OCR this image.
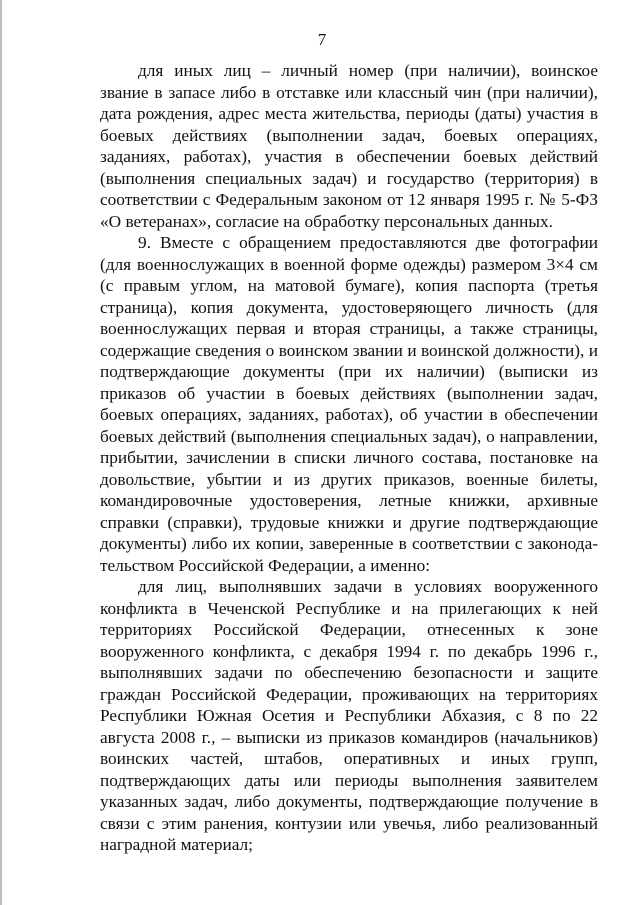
7

для иных лиц – личный номер (при наличии), воинское звание в запасе либо в отставке или классный чин (при наличии), дата рождения, адрес места жительства, периоды (даты) участия в боевых действиях (выполнении задач, боевых операциях, заданиях, работах), участия в обеспечении боевых действий (выполнения специальных задач) и государство (территория) в соответствии с Федеральным законом от 12 января 1995 г. № 5-ФЗ «О ветеранах», согласие на обработку персональных данных.

9. Вместе с обращением предоставляются две фотографии (для военнослужащих в военной форме одежды) размером 3×4 см (с правым углом, на матовой бумаге), копия паспорта (третья страница), копия документа, удостоверяющего личность (для военнослужащих первая и вторая страницы, а также страницы, содержащие сведения о воинском звании и воинской должности), и подтверждающие документы (при их наличии) (выписки из приказов об участии в боевых действиях (выполнении задач, боевых операциях, заданиях, работах), об участии в обеспечении боевых действий (выполнения специальных задач), о направлении, прибытии, зачислении в списки личного состава, постановке на довольствие, убытии и из других приказов, военные билеты, командировочные удостоверения, летные книжки, архивные справки (справки), трудовые книжки и другие подтверждающие документы) либо их копии, заверенные в соответствии с законодательством Российской Федерации, а именно:

для лиц, выполнявших задачи в условиях вооруженного конфликта в Чеченской Республике и на прилегающих к ней территориях Российской Федерации, отнесенных к зоне вооруженного конфликта, с декабря 1994 г. по декабрь 1996 г., выполнявших задачи по обеспечению безопасности и защите граждан Российской Федерации, проживающих на территориях Республики Южная Осетия и Республики Абхазия, с 8 по 22 августа 2008 г., – выписки из приказов командиров (начальников) воинских частей, штабов, оперативных и иных групп, подтверждающих даты или периоды выполнения заявителем указанных задач, либо документы, подтверждающие получение в связи с этим ранения, контузии или увечья, либо реализованный наградной материал;
